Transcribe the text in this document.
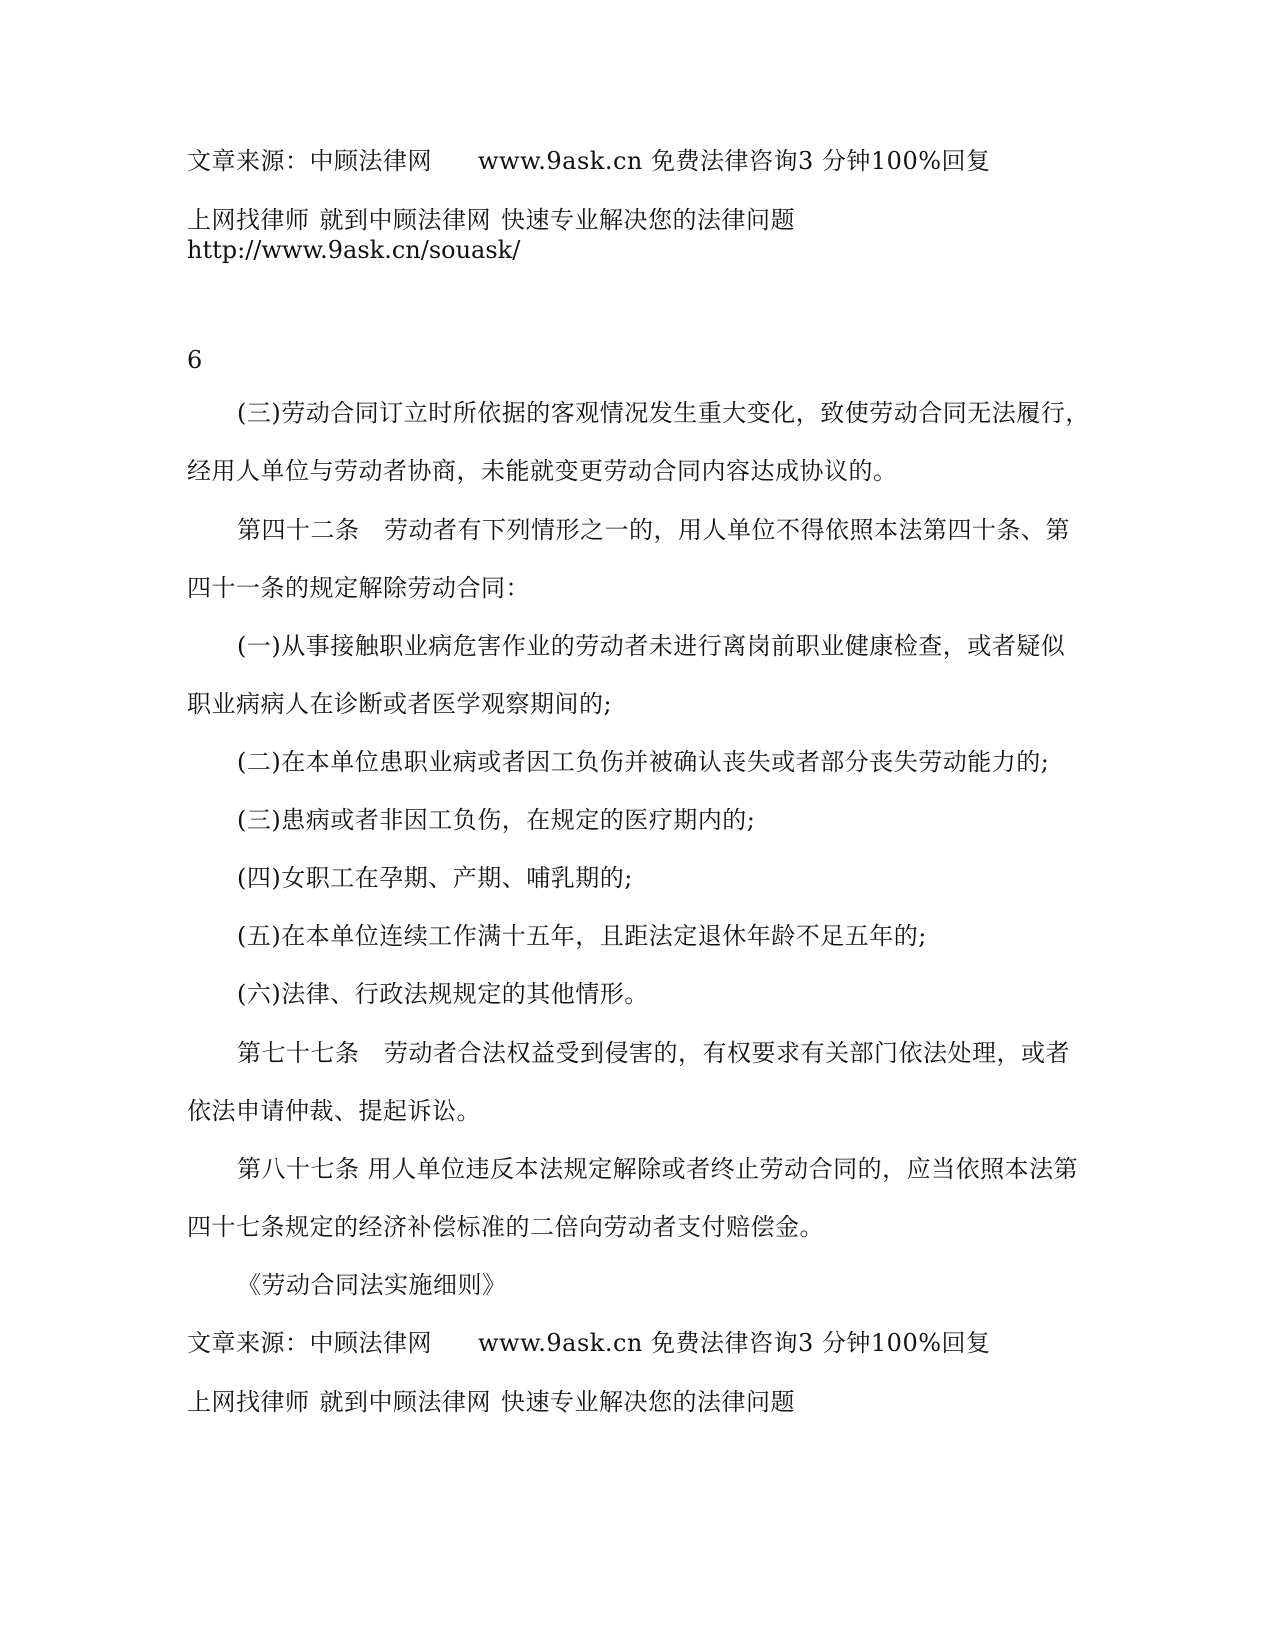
文章来源：中顾法律网 www.9ask.cn 免费法律咨询3 分钟100%回复
上网找律师 就到中顾法律网 快速专业解决您的法律问题
http://www.9ask.cn/souask/
6
(三)劳动合同订立时所依据的客观情况发生重大变化，致使劳动合同无法履行，
经用人单位与劳动者协商，未能就变更劳动合同内容达成协议的。
第四十二条　劳动者有下列情形之一的，用人单位不得依照本法第四十条、第
四十一条的规定解除劳动合同：
(一)从事接触职业病危害作业的劳动者未进行离岗前职业健康检查，或者疑似
职业病病人在诊断或者医学观察期间的;
(二)在本单位患职业病或者因工负伤并被确认丧失或者部分丧失劳动能力的;
(三)患病或者非因工负伤，在规定的医疗期内的;
(四)女职工在孕期、产期、哺乳期的;
(五)在本单位连续工作满十五年，且距法定退休年龄不足五年的;
(六)法律、行政法规规定的其他情形。
第七十七条　劳动者合法权益受到侵害的，有权要求有关部门依法处理，或者
依法申请仲裁、提起诉讼。
第八十七条 用人单位违反本法规定解除或者终止劳动合同的，应当依照本法第
四十七条规定的经济补偿标准的二倍向劳动者支付赔偿金。
《劳动合同法实施细则》
文章来源：中顾法律网 www.9ask.cn 免费法律咨询3 分钟100%回复
上网找律师 就到中顾法律网 快速专业解决您的法律问题
